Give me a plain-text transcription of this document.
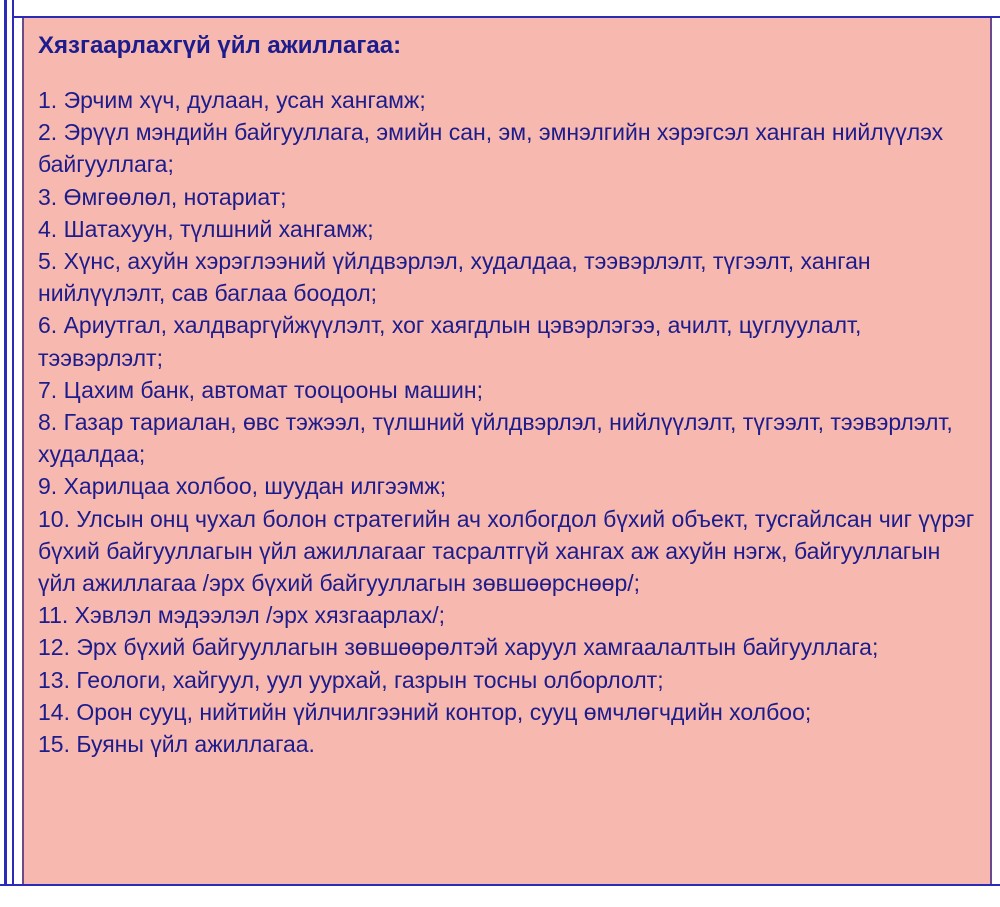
Хязгаарлахгүй үйл ажиллагаа:
1. Эрчим хүч, дулаан, усан хангамж;
2. Эрүүл мэндийн байгууллага, эмийн сан, эм, эмнэлгийн хэрэгсэл ханган нийлүүлэх байгууллага;
3. Өмгөөлөл, нотариат;
4. Шатахуун, түлшний хангамж;
5. Хүнс, ахуйн хэрэглээний үйлдвэрлэл, худалдаа, тээвэрлэлт, түгээлт, ханган нийлүүлэлт, сав баглаа боодол;
6. Ариутгал, халдваргүйжүүлэлт, хог хаягдлын цэвэрлэгээ, ачилт, цуглуулалт, тээвэрлэлт;
7. Цахим банк, автомат тооцооны машин;
8. Газар тариалан, өвс тэжээл, түлшний үйлдвэрлэл, нийлүүлэлт, түгээлт, тээвэрлэлт, худалдаа;
9. Харилцаа холбоо, шуудан илгээмж;
10. Улсын онц чухал болон стратегийн ач холбогдол бүхий объект, тусгайлсан чиг үүрэг бүхий байгууллагын үйл ажиллагааг тасралтгүй хангах аж ахуйн нэгж, байгууллагын үйл ажиллагаа /эрх бүхий байгууллагын зөвшөөрснөөр/;
11. Хэвлэл мэдээлэл /эрх хязгаарлах/;
12. Эрх бүхий байгууллагын зөвшөөрөлтэй харуул хамгаалалтын байгууллага;
13. Геологи, хайгуул, уул уурхай, газрын тосны олборлолт;
14. Орон сууц, нийтийн үйлчилгээний контор, сууц өмчлөгчдийн холбоо;
15. Буяны үйл ажиллагаа.
